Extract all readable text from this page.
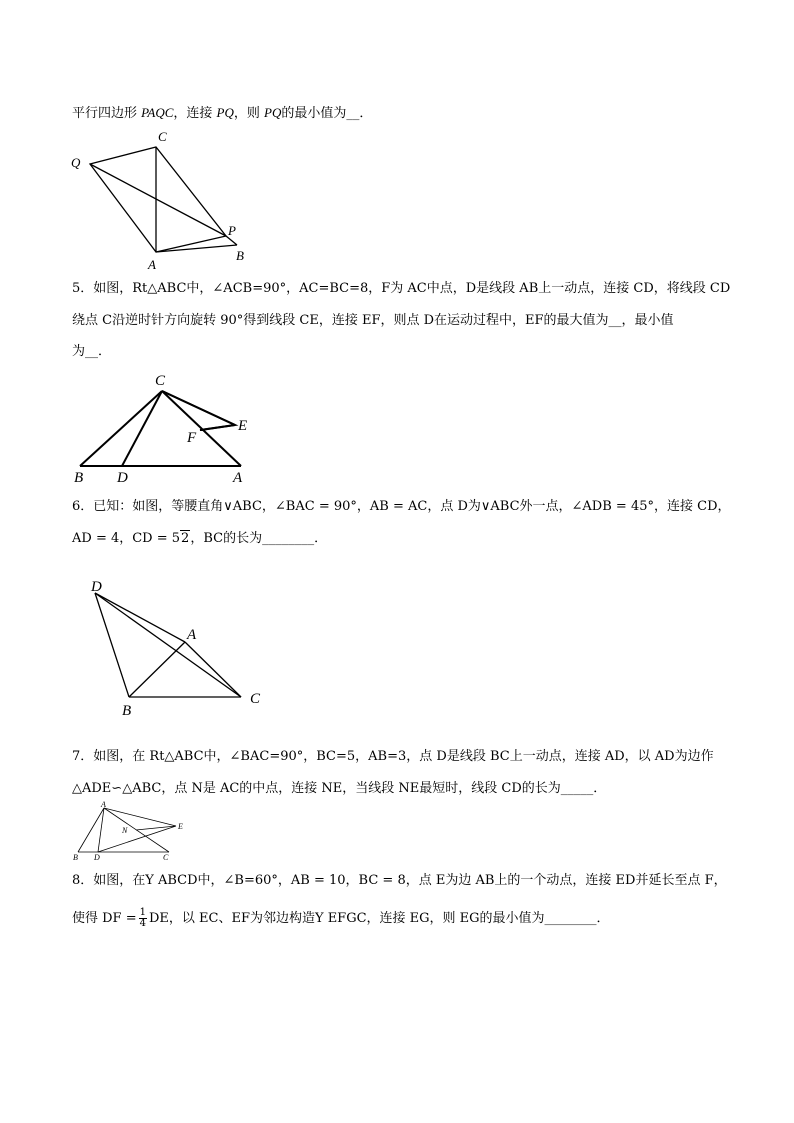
平行四边形 PAQC，连接 PQ，则 PQ的最小值为__．
Q
C
P
A
B
5．如图，Rt△ABC中，∠ACB=90°，AC=BC=8，F为 AC中点，D是线段 AB上一动点，连接 CD，将线段 CD
绕点 C沿逆时针方向旋转 90°得到线段 CE，连接 EF，则点 D在运动过程中，EF的最大值为__，最小值
为__．
C
E
F
B D	A
6．已知：如图，等腰直角∨ABC，∠BAC = 90°，AB = AC，点 D为∨ABC外一点，∠ADB = 45°，连接 CD，
AD = 4，CD = 52，BC的长为________．
D
A
C
B
7．如图，在 Rt△ABC中，∠BAC=90°，BC=5，AB=3，点 D是线段 BC上一动点，连接 AD，以 AD为边作
△ADE∽△ABC，点 N是 AC的中点，连接 NE，当线段 NE最短时，线段 CD的长为_____．
A
E
N
B D	C
8．如图，在Y ABCD中，∠B=60°，AB = 10，BC = 8，点 E为边 AB上的一个动点，连接 ED并延长至点 F，
使得 DF = $\frac{1}{4}$ DE，以 EC、EF为邻边构造Y EFGC，连接 EG，则 EG的最小值为________．
